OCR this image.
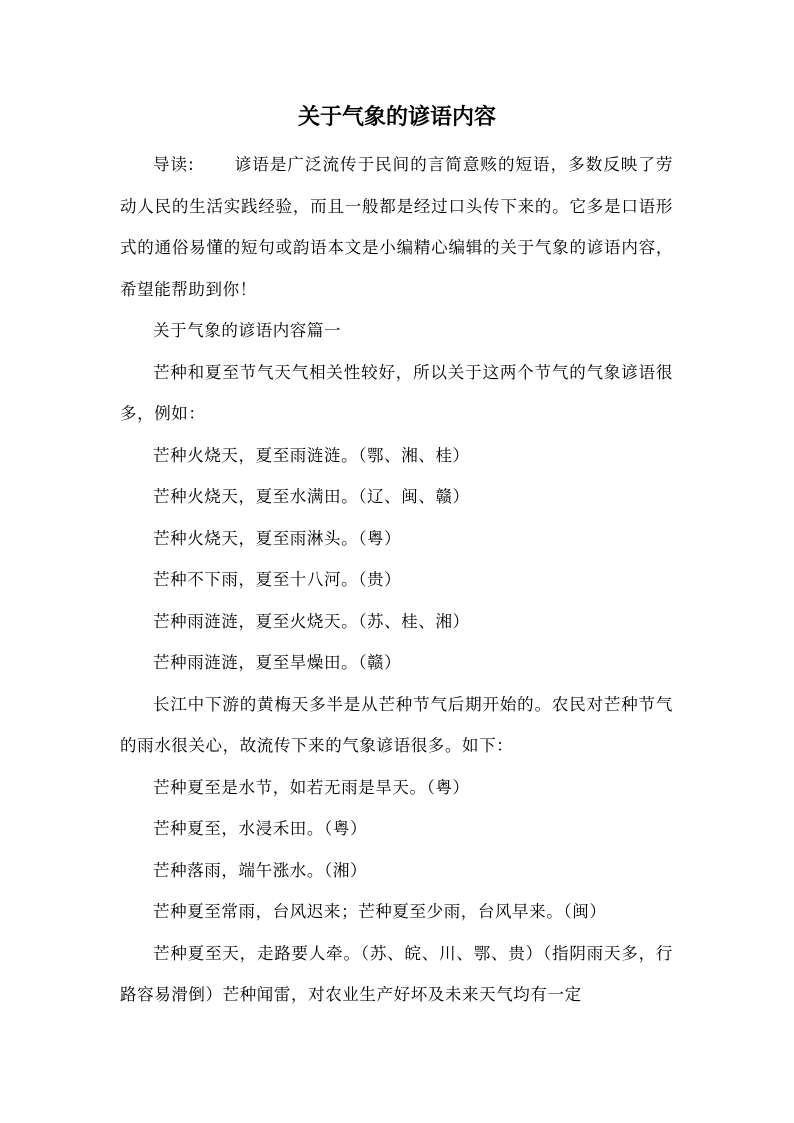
关于气象的谚语内容

导读: 谚语是广泛流传于民间的言简意赅的短语，多数反映了劳动人民的生活实践经验，而且一般都是经过口头传下来的。它多是口语形式的通俗易懂的短句或韵语本文是小编精心编辑的关于气象的谚语内容，希望能帮助到你！

关于气象的谚语内容篇一

芒种和夏至节气天气相关性较好，所以关于这两个节气的气象谚语很多，例如：

芒种火烧天，夏至雨涟涟。（鄂、湘、桂）

芒种火烧天，夏至水满田。（辽、闽、赣）

芒种火烧天，夏至雨淋头。（粤）

芒种不下雨，夏至十八河。（贵）

芒种雨涟涟，夏至火烧天。（苏、桂、湘）

芒种雨涟涟，夏至旱燥田。（赣）

长江中下游的黄梅天多半是从芒种节气后期开始的。农民对芒种节气的雨水很关心，故流传下来的气象谚语很多。如下：

芒种夏至是水节，如若无雨是旱天。（粤）

芒种夏至，水浸禾田。（粤）

芒种落雨，端午涨水。（湘）

芒种夏至常雨，台风迟来；芒种夏至少雨，台风早来。（闽）

芒种夏至天，走路要人牵。（苏、皖、川、鄂、贵）（指阴雨天多，行路容易滑倒）芒种闻雷，对农业生产好坏及未来天气均有一定
